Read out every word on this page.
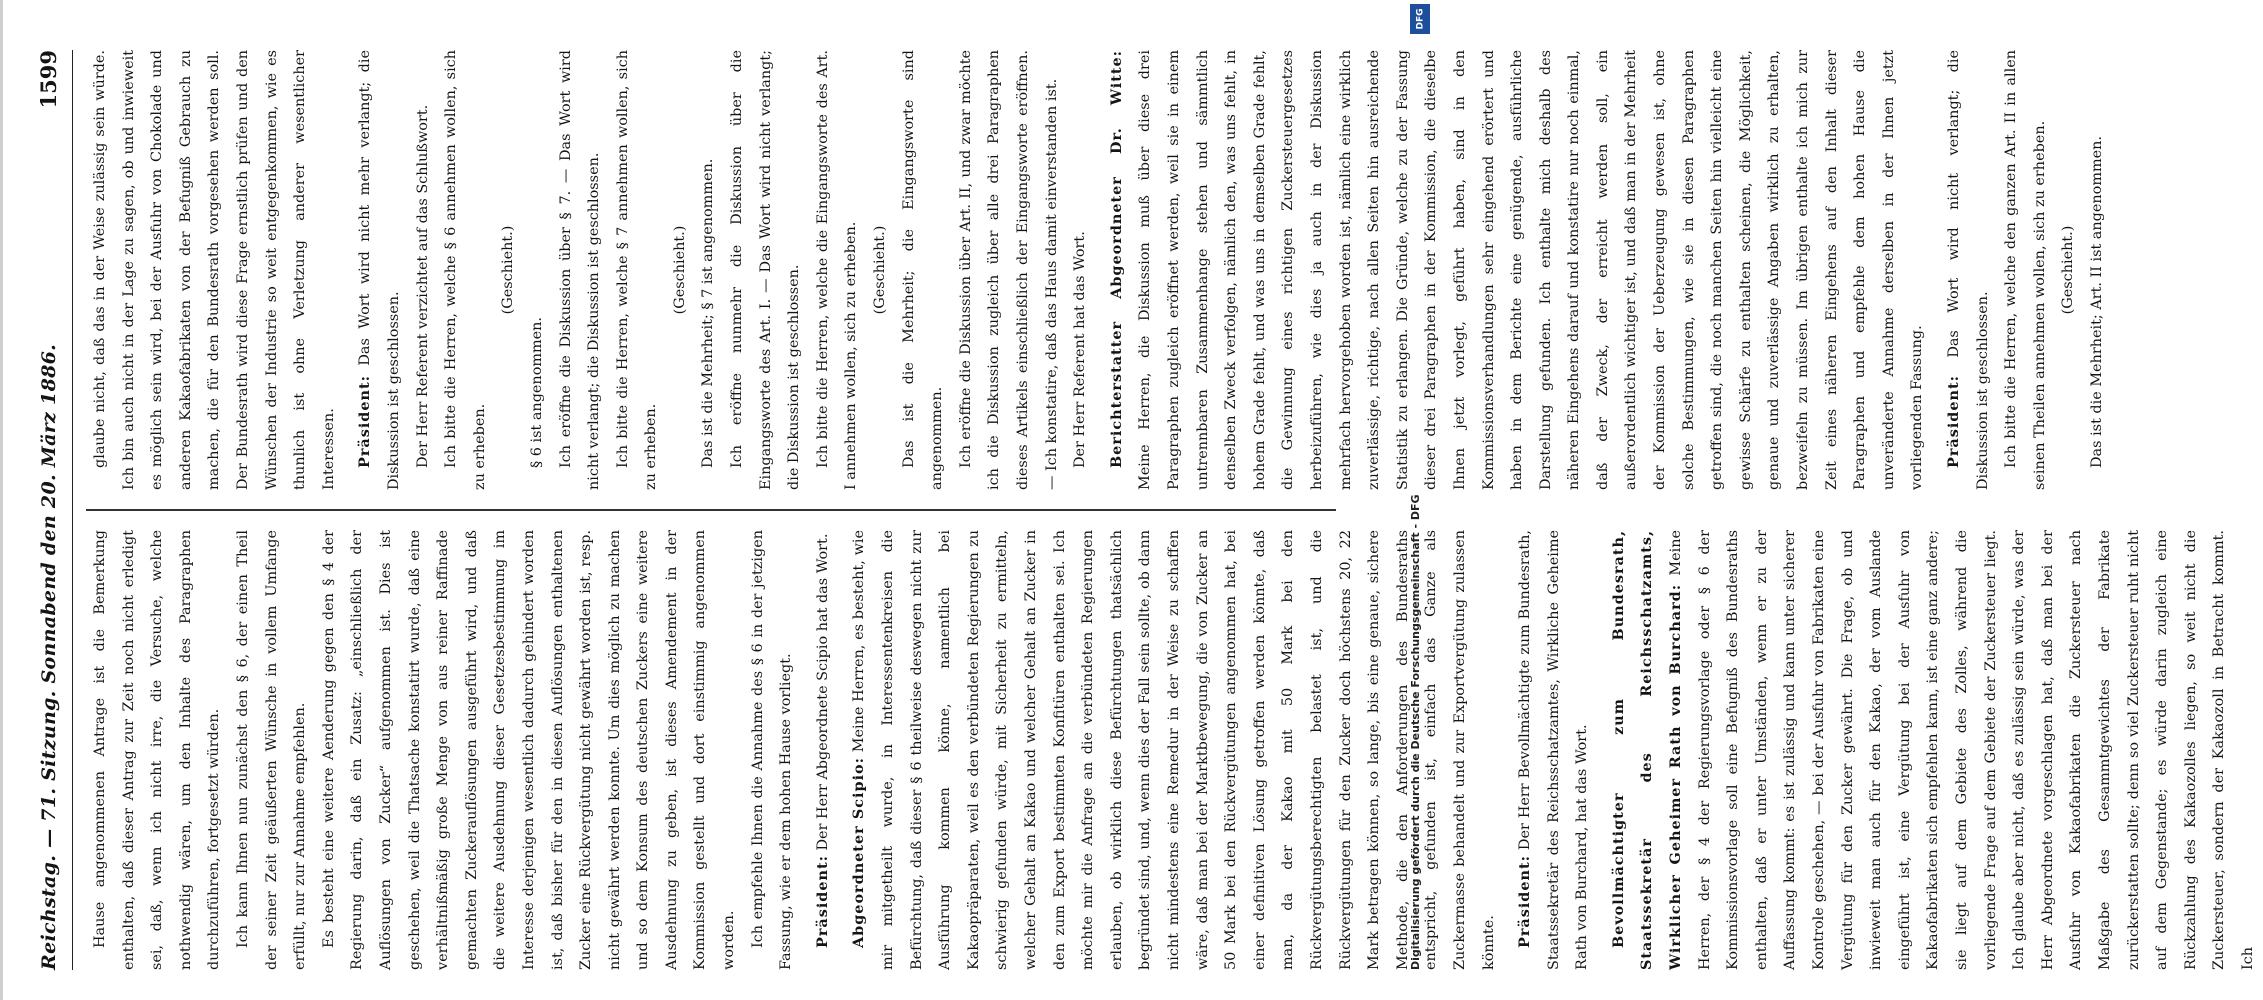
Reichstag. — 71. Sitzung. Sonnabend den 20. März 1886.
1599

Hause angenommenen Antrage ist die Bemerkung enthalten, daß dieser Antrag zur Zeit noch nicht erledigt sei, daß, wenn ich nicht irre, die Versuche, welche nothwendig wären, um den Inhalte des Paragraphen durchzuführen, fortgesetzt würden. Ich kann Ihnen nun zunächst den § 6, der einen Theil der seiner Zeit geäußerten Wünsche in vollem Umfange erfüllt, nur zur Annahme empfehlen. Es besteht eine weitere Aenderung gegen den § 4 der Regierung darin, daß ein Zusatz: „einschließlich der Auflösungen von Zucker“ aufgenommen ist. Dies ist geschehen, weil die Thatsache konstatirt wurde, daß eine verhältnißmäßig große Menge von aus reiner Raffinade gemachten Zuckerauflösungen ausgeführt wird, und daß die weitere Ausdehnung dieser Gesetzesbestimmung im Interesse derjenigen wesentlich dadurch gehindert worden ist, daß bisher für den in diesen Auflösungen enthaltenen Zucker eine Rückvergütung nicht gewährt worden ist, resp. nicht gewährt werden konnte. Um dies möglich zu machen und so dem Konsum des deutschen Zuckers eine weitere Ausdehnung zu geben, ist dieses Amendement in der Kommission gestellt und dort einstimmig angenommen worden. Ich empfehle Ihnen die Annahme des § 6 in der jetzigen Fassung, wie er dem hohen Hause vorliegt.	Präsident: Der Herr Abgeordnete Scipio hat das Wort.	Abgeordneter Scipio: Meine Herren, es besteht, wie mir mitgetheilt wurde, in Interessentenkreisen die Befürchtung, daß dieser § 6 theilweise deswegen nicht zur Ausführung kommen könne, namentlich bei Kakaopräparaten, weil es den verbündeten Regierungen zu schwierig gefunden würde, mit Sicherheit zu ermitteln, welcher Gehalt an Kakao und welcher Gehalt an Zucker in den zum Export bestimmten Konfitüren enthalten sei. Ich möchte mir die Anfrage an die verbündeten Regierungen erlauben, ob wirklich diese Befürchtungen thatsächlich begründet sind, und, wenn dies der Fall sein sollte, ob dann nicht mindestens eine Remedur in der Weise zu schaffen wäre, daß man bei der Marktbewegung, die von Zucker an 50 Mark bei den Rückvergütungen angenommen hat, bei einer definitiven Lösung getroffen werden könnte, daß man, da der Kakao mit 50 Mark bei den Rückvergütungsberechtigten belastet ist, und die Rückvergütungen für den Zucker doch höchstens 20, 22 Mark betragen können, so lange, bis eine genaue, sichere Methode, die den Anforderungen des Bundesraths entspricht, gefunden ist, einfach das Ganze als Zuckermasse behandelt und zur Exportvergütung zulassen könnte.	Präsident: Der Herr Bevollmächtigte zum Bundesrath, Staatssekretär des Reichsschatzamtes, Wirkliche Geheime Rath von Burchard, hat das Wort.	Bevollmächtigter zum Bundesrath, Staatssekretär des Reichsschatzamts, Wirklicher Geheimer Rath von Burchard: Meine Herren, der § 4 der Regierungsvorlage oder § 6 der Kommissionsvorlage soll eine Befugniß des Bundesraths enthalten, daß er unter Umständen, wenn er zu der Auffassung kommt: es ist zulässig und kann unter sicherer Kontrole geschehen, — bei der Ausfuhr von Fabrikaten eine Vergütung für den Zucker gewährt. Die Frage, ob und inwieweit man auch für den Kakao, der vom Auslande eingeführt ist, eine Vergütung bei der Ausfuhr von Kakaofabrikaten sich empfehlen kann, ist eine ganz andere; sie liegt auf dem Gebiete des Zolles, während die vorliegende Frage auf dem Gebiete der Zuckersteuer liegt. Ich glaube aber nicht, daß es zulässig sein würde, was der Herr Abgeordnete vorgeschlagen hat, daß man bei der Ausfuhr von Kakaofabrikaten die Zuckersteuer nach Maßgabe des Gesammtgewichtes der Fabrikate zurückerstatten sollte; denn so viel Zuckersteuer ruht nicht auf dem Gegenstande; es würde darin zugleich eine Rückzahlung des Kakaozolles liegen, so weit nicht die Zuckersteuer, sondern der Kakaozoll in Betracht kommt. Ich

glaube nicht, daß das in der Weise zulässig sein würde. Ich bin auch nicht in der Lage zu sagen, ob und inwieweit es möglich sein wird, bei der Ausfuhr von Chokolade und anderen Kakaofabrikaten von der Befugniß Gebrauch zu machen, die für den Bundesrath vorgesehen werden soll. Der Bundesrath wird diese Frage ernstlich prüfen und den Wünschen der Industrie so weit entgegenkommen, wie es thunlich ist ohne Verletzung anderer wesentlicher Interessen.	Präsident: Das Wort wird nicht mehr verlangt; die Diskussion ist geschlossen. Der Herr Referent verzichtet auf das Schlußwort. Ich bitte die Herren, welche § 6 annehmen wollen, sich zu erheben.

(Geschieht.)

§ 6 ist angenommen. Ich eröffne die Diskussion über § 7. — Das Wort wird nicht verlangt; die Diskussion ist geschlossen. Ich bitte die Herren, welche § 7 annehmen wollen, sich zu erheben.

(Geschieht.) Das ist die Mehrheit; § 7 ist angenommen. Ich eröffne nunmehr die Diskussion über die Eingangsworte des Art. I. — Das Wort wird nicht verlangt; die Diskussion ist geschlossen. Ich bitte die Herren, welche die Eingangsworte des Art. I annehmen wollen, sich zu erheben. (Geschieht.) Das ist die Mehrheit; die Eingangsworte sind angenommen. Ich eröffne die Diskussion über Art. II, und zwar möchte ich die Diskussion zugleich über alle drei Paragraphen dieses Artikels einschließlich der Eingangsworte eröffnen. — Ich konstatire, daß das Haus damit einverstanden ist. Der Herr Referent hat das Wort.	Berichterstatter Abgeordneter Dr. Witte: Meine Herren, die Diskussion muß über diese drei Paragraphen zugleich eröffnet werden, weil sie in einem untrennbaren Zusammenhange stehen und sämmtlich denselben Zweck verfolgen, nämlich den, was uns fehlt, in hohem Grade fehlt, und was uns in demselben Grade fehlt, die Gewinnung eines richtigen Zuckersteuergesetzes herbeizuführen, wie dies ja auch in der Diskussion mehrfach hervorgehoben worden ist, nämlich eine wirklich zuverlässige, richtige, nach allen Seiten hin ausreichende Statistik zu erlangen. Die Gründe, welche zu der Fassung dieser drei Paragraphen in der Kommission, die dieselbe Ihnen jetzt vorlegt, geführt haben, sind in den Kommissionsverhandlungen sehr eingehend erörtert und haben in dem Berichte eine genügende, ausführliche Darstellung gefunden. Ich enthalte mich deshalb des näheren Eingehens darauf und konstatire nur noch einmal, daß der Zweck, der erreicht werden soll, ein außerordentlich wichtiger ist, und daß man in der Mehrheit der Kommission der Ueberzeugung gewesen ist, ohne solche Bestimmungen, wie sie in diesen Paragraphen getroffen sind, die noch manchen Seiten hin vielleicht eine gewisse Schärfe zu enthalten scheinen, die Möglichkeit, genaue und zuverlässige Angaben wirklich zu erhalten, bezweifeln zu müssen. Im übrigen enthalte ich mich zur Zeit eines näheren Eingehens auf den Inhalt dieser Paragraphen und empfehle dem hohen Hause die unveränderte Annahme derselben in der Ihnen jetzt vorliegenden Fassung.	Präsident: Das Wort wird nicht verlangt; die Diskussion ist geschlossen. Ich bitte die Herren, welche den ganzen Art. II in allen seinen Theilen annehmen wollen, sich zu erheben. (Geschieht.) Das ist die Mehrheit; Art. II ist angenommen.

Digitalisierung gefördert durch die Deutsche Forschungsgemeinschaft - DFG
DFG
